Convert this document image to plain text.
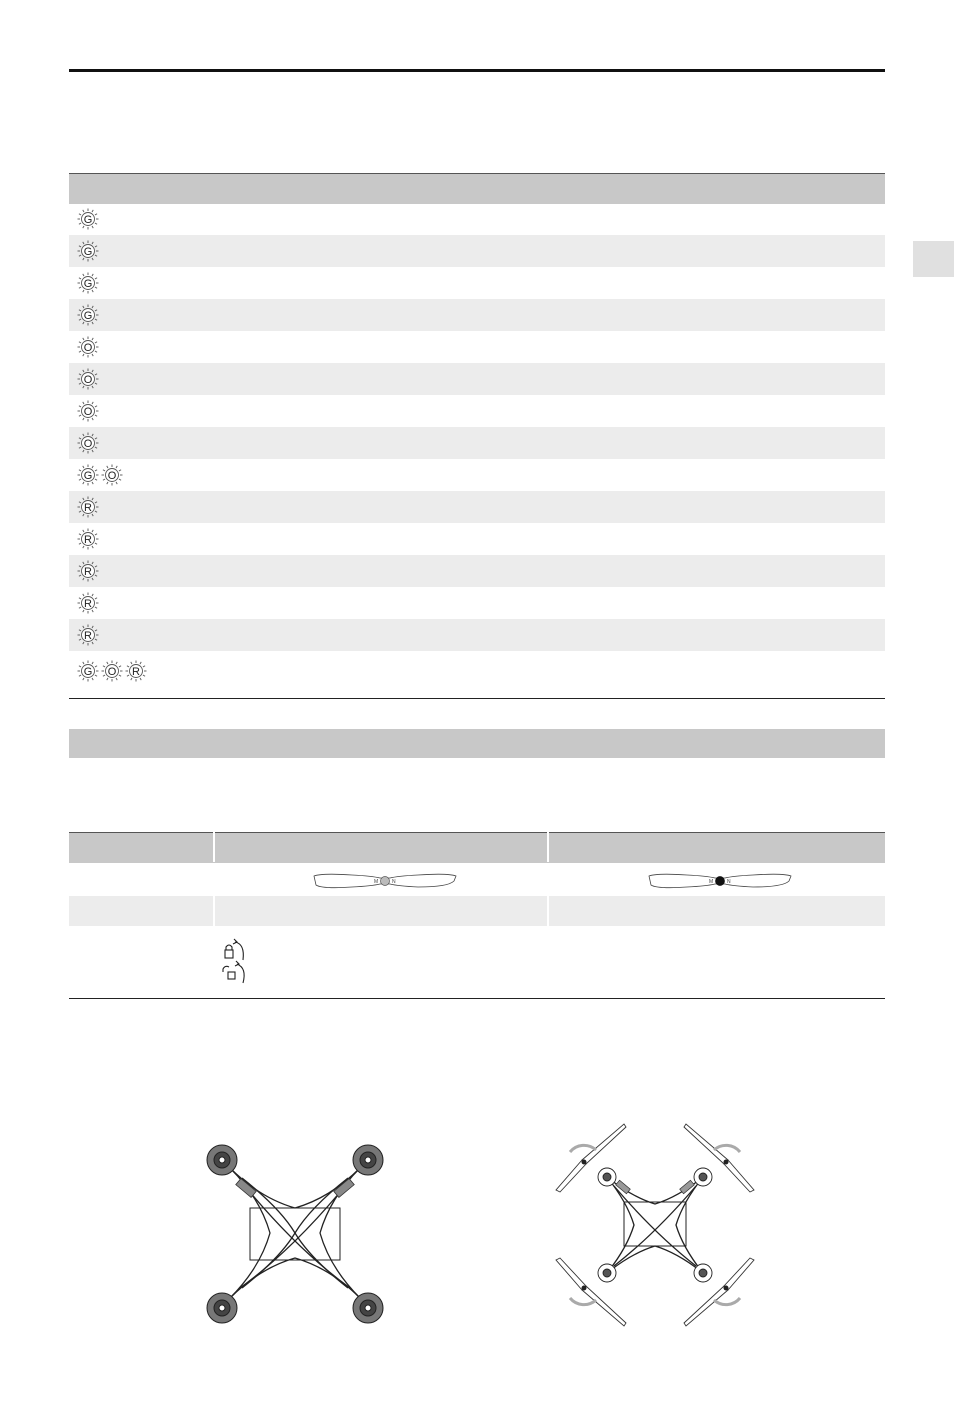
G
G
G
G
O
O
O
O
G O
R
R
R
R
R
G O R
M	N	M	N
